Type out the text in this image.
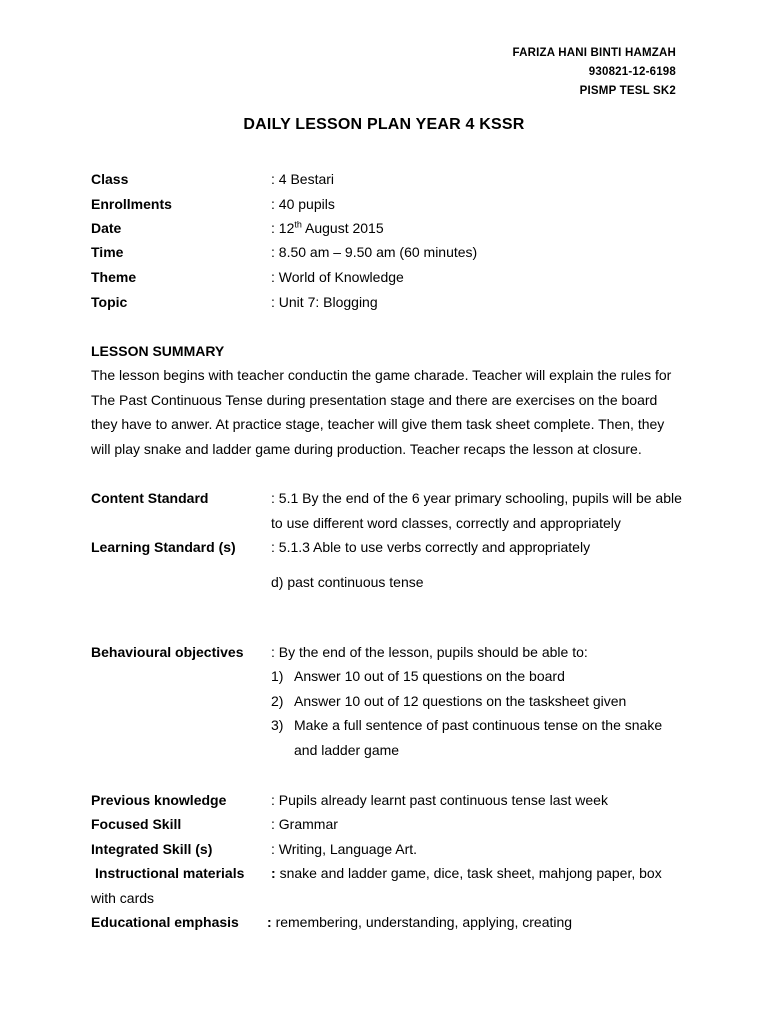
FARIZA HANI BINTI HAMZAH
930821-12-6198
PISMP TESL SK2
DAILY LESSON PLAN YEAR 4 KSSR
Class	: 4 Bestari
Enrollments	: 40 pupils
Date	: 12th August 2015
Time	: 8.50 am – 9.50 am (60 minutes)
Theme	: World of Knowledge
Topic	: Unit 7: Blogging
LESSON SUMMARY
The lesson begins with teacher conductin the game charade. Teacher will explain the rules for
The Past Continuous Tense during presentation stage and there are exercises on the board
they have to anwer. At practice stage, teacher will give them task sheet complete. Then, they
will play snake and ladder game during production. Teacher recaps the lesson at closure.
Content Standard	: 5.1 By the end of the 6 year primary schooling, pupils will be able
to use different word classes, correctly and appropriately
Learning Standard (s)	: 5.1.3 Able to use verbs correctly and appropriately
d) past continuous tense
Behavioural objectives : By the end of the lesson, pupils should be able to:
1) Answer 10 out of 15 questions on the board
2) Answer 10 out of 12 questions on the tasksheet given
3) Make a full sentence of past continuous tense on the snake
and ladder game
Previous knowledge	: Pupils already learnt past continuous tense last week
Focused Skill	: Grammar
Integrated Skill (s)	: Writing, Language Art.
Instructional materials : snake and ladder game, dice, task sheet, mahjong paper, box
with cards
Educational emphasis : remembering, understanding, applying, creating
